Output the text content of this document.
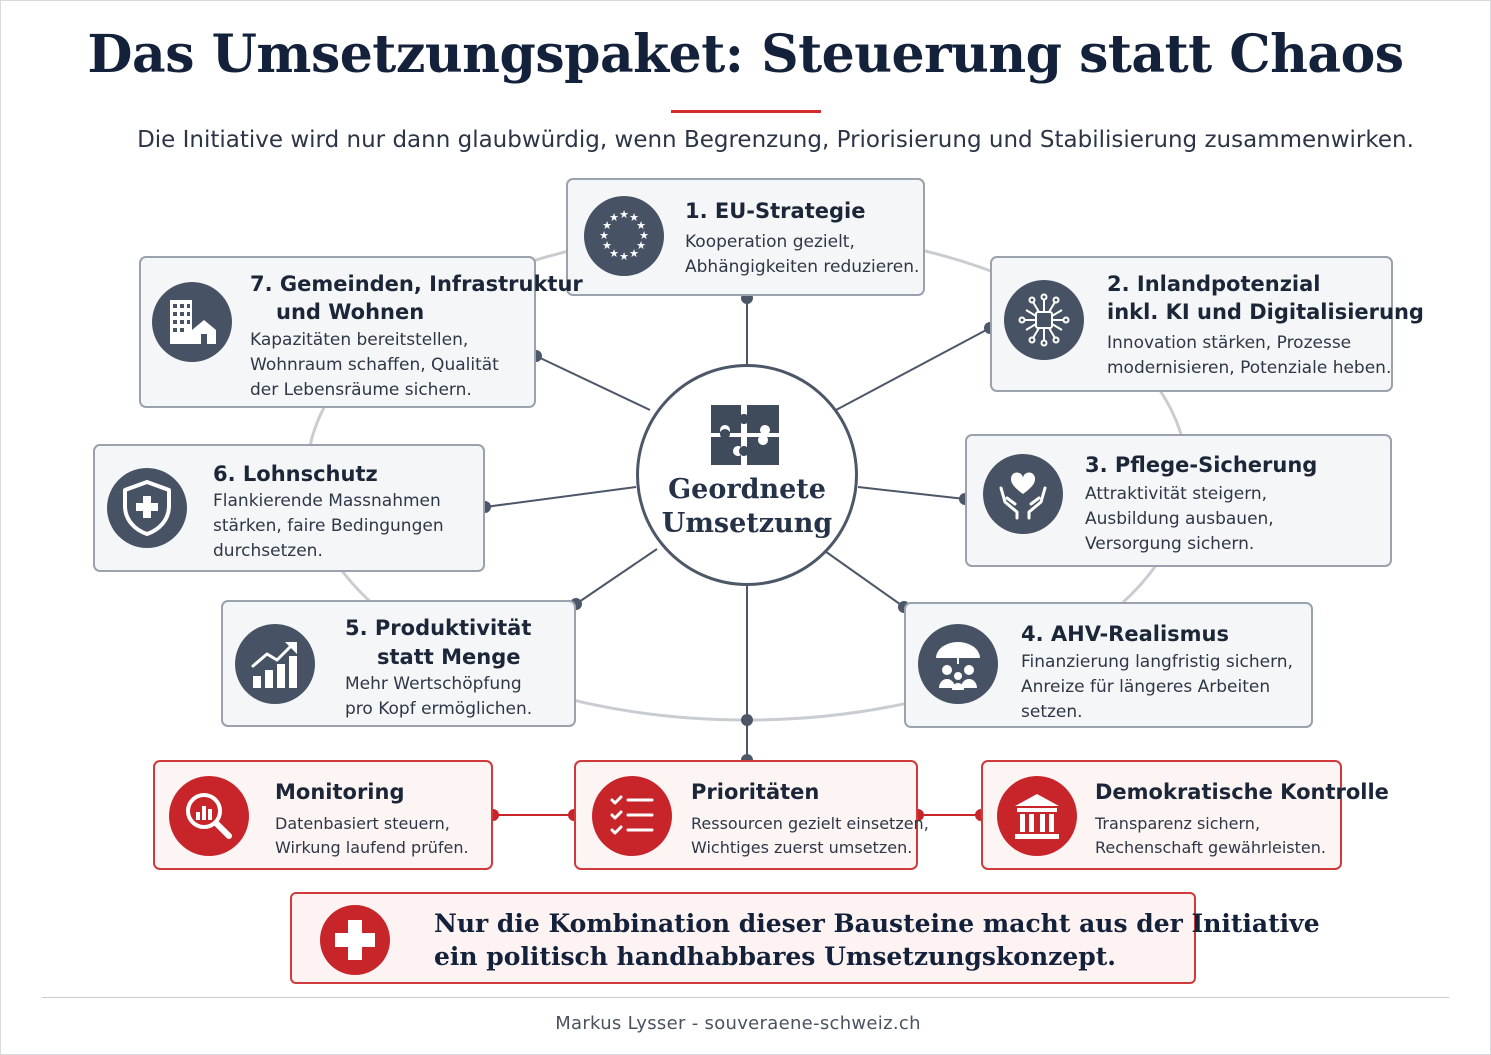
Das Umsetzungspaket: Steuerung statt Chaos
Die Initiative wird nur dann glaubwürdig, wenn Begrenzung, Priorisierung und Stabilisierung zusammenwirken.
Geordnete
Umsetzung
★ ★
★
★
★
★
★
★
★
★
★
★	1. EU-Strategie
Kooperation gezielt,
Abhängigkeiten reduzieren.
2. Inlandpotenzial
inkl. KI und Digitalisierung
Innovation stärken, Prozesse
modernisieren, Potenziale heben.
3. Pflege-Sicherung
Attraktivität steigern,
Ausbildung ausbauen,
Versorgung sichern.
4. AHV-Realismus
Finanzierung langfristig sichern,
Anreize für längeres Arbeiten
setzen.
5. Produktivität
statt Menge
Mehr Wertschöpfung
pro Kopf ermöglichen.
6. Lohnschutz
Flankierende Massnahmen
stärken, faire Bedingungen
durchsetzen.
7. Gemeinden, Infrastruktur
und Wohnen
Kapazitäten bereitstellen,
Wohnraum schaffen, Qualität
der Lebensräume sichern.
Monitoring
Datenbasiert steuern,
Wirkung laufend prüfen.
Prioritäten
Ressourcen gezielt einsetzen,
Wichtiges zuerst umsetzen.
Demokratische Kontrolle
Transparenz sichern,
Rechenschaft gewährleisten.
Nur die Kombination dieser Bausteine macht aus der Initiative
ein politisch handhabbares Umsetzungskonzept.
Markus Lysser - souveraene-schweiz.ch
